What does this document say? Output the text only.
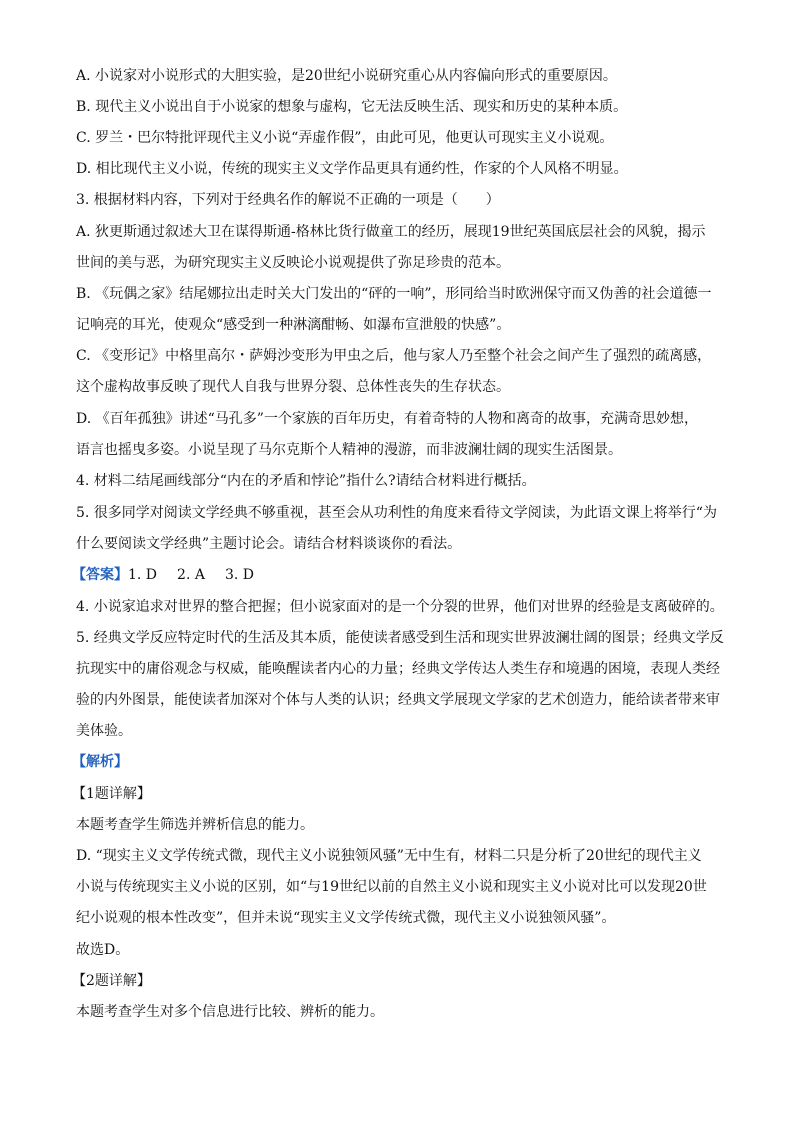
A. 小说家对小说形式的大胆实验，是20世纪小说研究重心从内容偏向形式的重要原因。
B. 现代主义小说出自于小说家的想象与虚构，它无法反映生活、现实和历史的某种本质。
C. 罗兰・巴尔特批评现代主义小说“弄虚作假”，由此可见，他更认可现实主义小说观。
D. 相比现代主义小说，传统的现实主义文学作品更具有通约性，作家的个人风格不明显。
3. 根据材料内容，下列对于经典名作的解说不正确的一项是（　　）
A. 狄更斯通过叙述大卫在谋得斯通-格林比货行做童工的经历，展现19世纪英国底层社会的风貌，揭示
世间的美与恶，为研究现实主义反映论小说观提供了弥足珍贵的范本。
B. 《玩偶之家》结尾娜拉出走时关大门发出的“砰的一响”，形同给当时欧洲保守而又伪善的社会道德一
记响亮的耳光，使观众“感受到一种淋漓酣畅、如瀑布宣泄般的快感”。
C. 《变形记》中格里高尔・萨姆沙变形为甲虫之后，他与家人乃至整个社会之间产生了强烈的疏离感，
这个虚构故事反映了现代人自我与世界分裂、总体性丧失的生存状态。
D. 《百年孤独》讲述“马孔多”一个家族的百年历史，有着奇特的人物和离奇的故事，充满奇思妙想，
语言也摇曳多姿。小说呈现了马尔克斯个人精神的漫游，而非波澜壮阔的现实生活图景。
4. 材料二结尾画线部分“内在的矛盾和悖论”指什么?请结合材料进行概括。
5. 很多同学对阅读文学经典不够重视，甚至会从功利性的角度来看待文学阅读，为此语文课上将举行“为
什么要阅读文学经典”主题讨论会。请结合材料谈谈你的看法。
【答案】1. D 2. A 3. D
4. 小说家追求对世界的整合把握；但小说家面对的是一个分裂的世界，他们对世界的经验是支离破碎的。
5. 经典文学反应特定时代的生活及其本质，能使读者感受到生活和现实世界波澜壮阔的图景；经典文学反
抗现实中的庸俗观念与权威，能唤醒读者内心的力量；经典文学传达人类生存和境遇的困境，表现人类经
验的内外图景，能使读者加深对个体与人类的认识；经典文学展现文学家的艺术创造力，能给读者带来审
美体验。
【解析】
【1题详解】
本题考查学生筛选并辨析信息的能力。
D. “现实主义文学传统式微，现代主义小说独领风骚”无中生有，材料二只是分析了20世纪的现代主义
小说与传统现实主义小说的区别，如“与19世纪以前的自然主义小说和现实主义小说对比可以发现20世
纪小说观的根本性改变”，但并未说“现实主义文学传统式微，现代主义小说独领风骚”。
故选D。
【2题详解】
本题考查学生对多个信息进行比较、辨析的能力。
